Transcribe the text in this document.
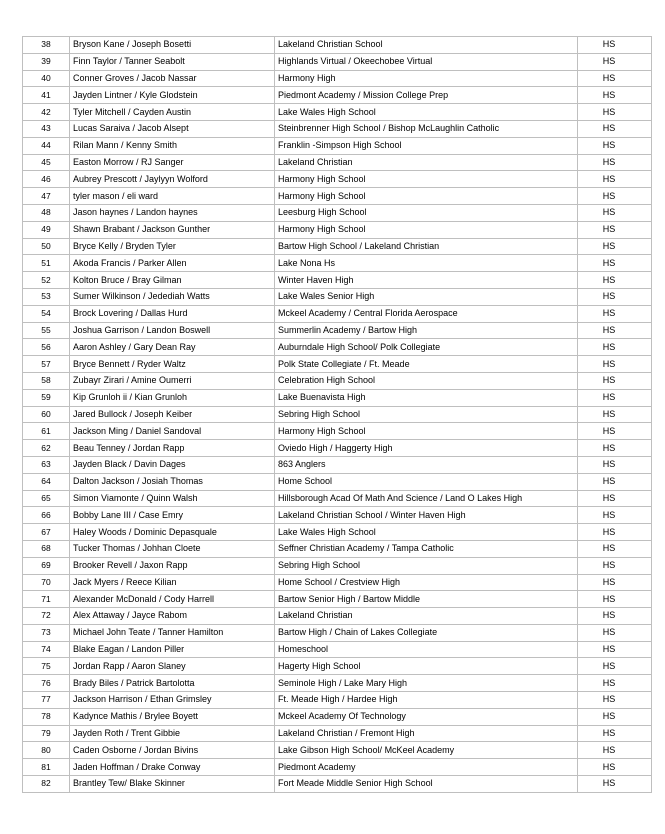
38	Bryson Kane / Joseph Bosetti	Lakeland Christian School	HS
39	Finn Taylor / Tanner Seabolt	Highlands Virtual / Okeechobee Virtual	HS
40	Conner Groves / Jacob Nassar	Harmony High	HS
41	Jayden Lintner / Kyle Glodstein	Piedmont Academy / Mission College Prep	HS
42	Tyler Mitchell / Cayden Austin	Lake Wales High School	HS
43	Lucas Saraiva / Jacob Alsept	Steinbrenner High School / Bishop McLaughlin Catholic	HS
44	Rilan Mann / Kenny Smith	Franklin -Simpson High School	HS
45	Easton Morrow / RJ Sanger	Lakeland Christian	HS
46	Aubrey Prescott / Jaylyyn Wolford	Harmony High School	HS
47	tyler mason / eli ward	Harmony High School	HS
48	Jason haynes / Landon haynes	Leesburg High School	HS
49	Shawn Brabant / Jackson Gunther	Harmony High School	HS
50	Bryce Kelly / Bryden Tyler	Bartow High School / Lakeland Christian	HS
51	Akoda Francis / Parker Allen	Lake Nona Hs	HS
52	Kolton Bruce / Bray Gilman	Winter Haven High	HS
53	Sumer Wilkinson / Jedediah Watts	Lake Wales Senior High	HS
54	Brock Lovering / Dallas Hurd	Mckeel Academy / Central Florida Aerospace	HS
55	Joshua Garrison / Landon Boswell	Summerlin Academy / Bartow High	HS
56	Aaron Ashley / Gary Dean Ray	Auburndale High School/ Polk Collegiate	HS
57	Bryce Bennett / Ryder Waltz	Polk State Collegiate / Ft. Meade	HS
58	Zubayr Zirari / Amine Oumerri	Celebration High School	HS
59	Kip Grunloh ii / Kian Grunloh	Lake Buenavista High	HS
60	Jared Bullock / Joseph Keiber	Sebring High School	HS
61	Jackson Ming / Daniel Sandoval	Harmony High School	HS
62	Beau Tenney / Jordan Rapp	Oviedo High / Haggerty High	HS
63	Jayden Black / Davin Dages	863 Anglers	HS
64	Dalton Jackson / Josiah Thomas	Home School	HS
65	Simon Viamonte / Quinn Walsh	Hillsborough Acad Of Math And Science / Land O Lakes High	HS
66	Bobby Lane III / Case Emry	Lakeland Christian School / Winter Haven High	HS
67	Haley Woods / Dominic Depasquale	Lake Wales High School	HS
68	Tucker Thomas / Johhan Cloete	Seffner Christian Academy / Tampa Catholic	HS
69	Brooker Revell / Jaxon Rapp	Sebring High School	HS
70	Jack Myers / Reece Kilian	Home School / Crestview High	HS
71	Alexander McDonald / Cody Harrell	Bartow Senior High / Bartow Middle	HS
72	Alex Attaway / Jayce Rabom	Lakeland Christian	HS
73	Michael John Teate / Tanner Hamilton	Bartow High / Chain of Lakes Collegiate	HS
74	Blake Eagan / Landon Piller	Homeschool	HS
75	Jordan Rapp / Aaron Slaney	Hagerty High School	HS
76	Brady Biles / Patrick Bartolotta	Seminole High / Lake Mary High	HS
77	Jackson Harrison / Ethan Grimsley	Ft. Meade High / Hardee High	HS
78	Kadynce Mathis / Brylee Boyett	Mckeel Academy Of Technology	HS
79	Jayden Roth / Trent Gibbie	Lakeland Christian / Fremont High	HS
80	Caden Osborne / Jordan Bivins	Lake Gibson High School/ McKeel Academy	HS
81	Jaden Hoffman / Drake Conway	Piedmont Academy	HS
82	Brantley Tew/ Blake Skinner	Fort Meade Middle Senior High School	HS
